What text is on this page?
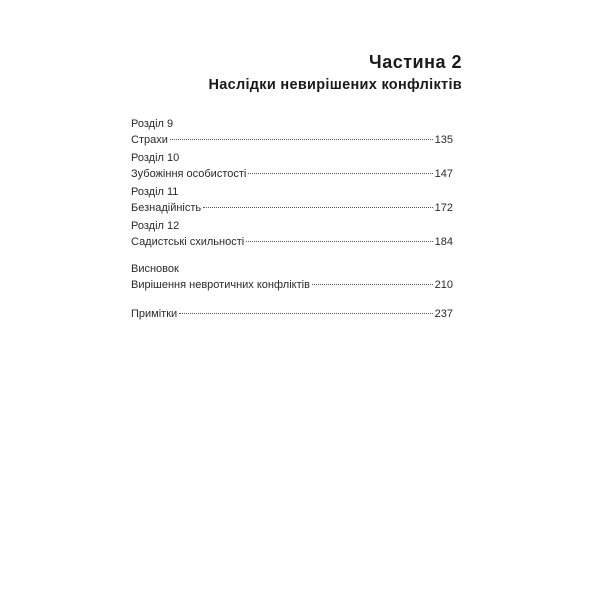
Частина 2
Наслідки невирішених конфліктів
Розділ 9
Страхи	135
Розділ 10
Зубожіння особистості	147
Розділ 11
Безнадійність	172
Розділ 12
Садистські схильності	184
Висновок
Вирішення невротичних конфліктів	210
Примітки	237
